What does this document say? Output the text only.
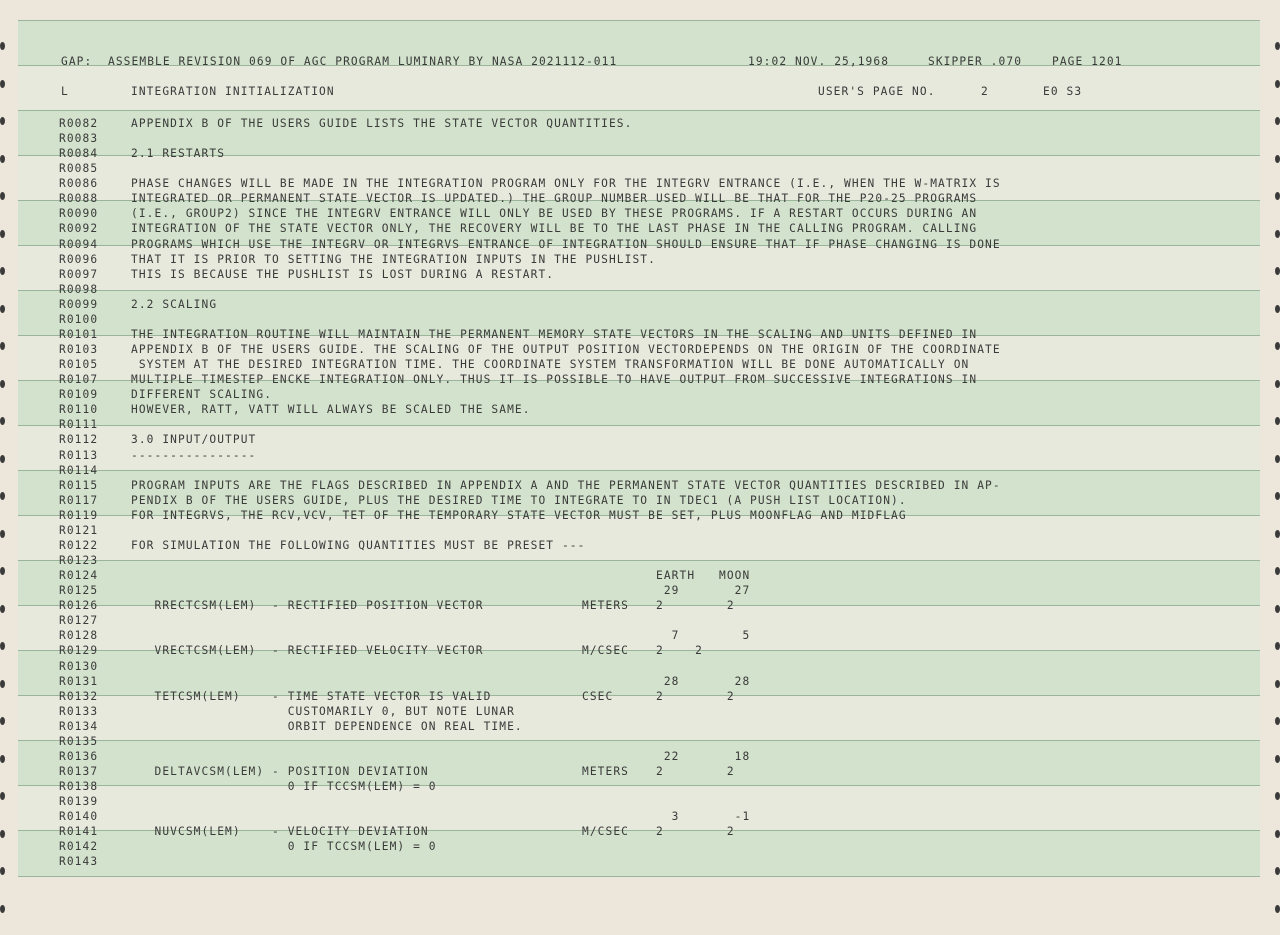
GAP:  ASSEMBLE REVISION 069 OF AGC PROGRAM LUMINARY BY NASA 2021112-011

	19:02 NOV. 25,1968

	SKIPPER .070

	PAGE 1201

L

	INTEGRATION INITIALIZATION

	USER'S PAGE NO.

	2

	E0 S3

R0082	APPENDIX B OF THE USERS GUIDE LISTS THE STATE VECTOR QUANTITIES.
R0083
R0084	2.1 RESTARTS
R0085
R0086	PHASE CHANGES WILL BE MADE IN THE INTEGRATION PROGRAM ONLY FOR THE INTEGRV ENTRANCE (I.E., WHEN THE W-MATRIX IS
R0088	INTEGRATED OR PERMANENT STATE VECTOR IS UPDATED.) THE GROUP NUMBER USED WILL BE THAT FOR THE P20-25 PROGRAMS
R0090	(I.E., GROUP2) SINCE THE INTEGRV ENTRANCE WILL ONLY BE USED BY THESE PROGRAMS. IF A RESTART OCCURS DURING AN
R0092	INTEGRATION OF THE STATE VECTOR ONLY, THE RECOVERY WILL BE TO THE LAST PHASE IN THE CALLING PROGRAM. CALLING
R0094	PROGRAMS WHICH USE THE INTEGRV OR INTEGRVS ENTRANCE OF INTEGRATION SHOULD ENSURE THAT IF PHASE CHANGING IS DONE
R0096	THAT IT IS PRIOR TO SETTING THE INTEGRATION INPUTS IN THE PUSHLIST.
R0097	THIS IS BECAUSE THE PUSHLIST IS LOST DURING A RESTART.
R0098
R0099	2.2 SCALING
R0100
R0101	THE INTEGRATION ROUTINE WILL MAINTAIN THE PERMANENT MEMORY STATE VECTORS IN THE SCALING AND UNITS DEFINED IN
R0103	APPENDIX B OF THE USERS GUIDE. THE SCALING OF THE OUTPUT POSITION VECTORDEPENDS ON THE ORIGIN OF THE COORDINATE
R0105	SYSTEM AT THE DESIRED INTEGRATION TIME. THE COORDINATE SYSTEM TRANSFORMATION WILL BE DONE AUTOMATICALLY ON
R0107	MULTIPLE TIMESTEP ENCKE INTEGRATION ONLY. THUS IT IS POSSIBLE TO HAVE OUTPUT FROM SUCCESSIVE INTEGRATIONS IN
R0109	DIFFERENT SCALING.
R0110	HOWEVER, RATT, VATT WILL ALWAYS BE SCALED THE SAME.
R0111
R0112	3.0 INPUT/OUTPUT
R0113	----------------
R0114
R0115	PROGRAM INPUTS ARE THE FLAGS DESCRIBED IN APPENDIX A AND THE PERMANENT STATE VECTOR QUANTITIES DESCRIBED IN AP-
R0117	PENDIX B OF THE USERS GUIDE, PLUS THE DESIRED TIME TO INTEGRATE TO IN TDEC1 (A PUSH LIST LOCATION).
R0119	FOR INTEGRVS, THE RCV,VCV, TET OF THE TEMPORARY STATE VECTOR MUST BE SET, PLUS MOONFLAG AND MIDFLAG
R0121
R0122	FOR SIMULATION THE FOLLOWING QUANTITIES MUST BE PRESET ---
R0123
R0124	EARTH MOON
R0125	29	27
R0126	RRECTCSM(LEM)  - RECTIFIED POSITION VECTOR	METERS 2	2
R0127
R0128	7	5
R0129	VRECTCSM(LEM)  - RECTIFIED VELOCITY VECTOR	M/CSEC 2    2
R0130
R0131	28	28
R0132	TETCSM(LEM)    - TIME STATE VECTOR IS VALID	CSEC	2	2
R0133	CUSTOMARILY 0, BUT NOTE LUNAR
R0134	ORBIT DEPENDENCE ON REAL TIME.
R0135
R0136	22	18
R0137	DELTAVCSM(LEM) - POSITION DEVIATION	METERS 2	2
R0138	0 IF TCCSM(LEM) = 0
R0139
R0140	3	-1
R0141	NUVCSM(LEM)    - VELOCITY DEVIATION	M/CSEC 2	2
R0142	0 IF TCCSM(LEM) = 0
R0143
